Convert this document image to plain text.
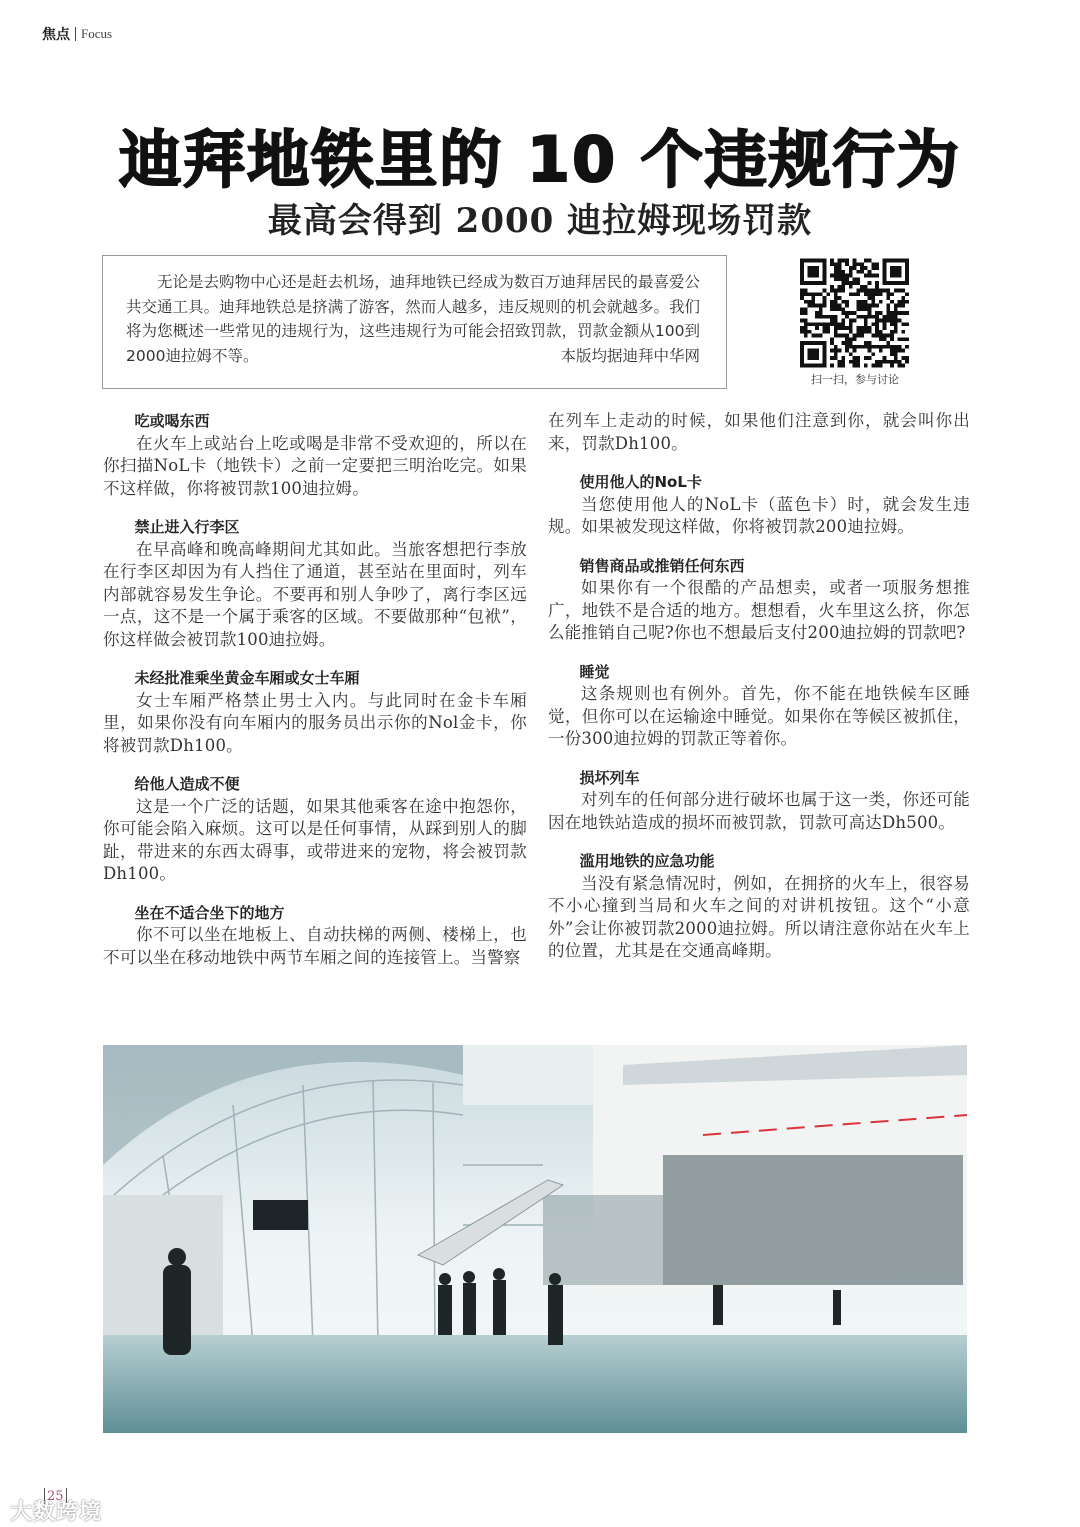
焦点 Focus
迪拜地铁里的 10 个违规行为
最高会得到 2000 迪拉姆现场罚款
无论是去购物中心还是赶去机场，迪拜地铁已经成为数百万迪拜居民的最喜爱公共交通工具。迪拜地铁总是挤满了游客，然而人越多，违反规则的机会就越多。我们将为您概述一些常见的违规行为，这些违规行为可能会招致罚款，罚款金额从100到2000迪拉姆不等。	本版均据迪拜中华网
扫一扫，参与讨论
吃或喝东西
在火车上或站台上吃或喝是非常不受欢迎的，所以在你扫描NoL卡（地铁卡）之前一定要把三明治吃完。如果不这样做，你将被罚款100迪拉姆。
禁止进入行李区
在早高峰和晚高峰期间尤其如此。当旅客想把行李放在行李区却因为有人挡住了通道，甚至站在里面时，列车内部就容易发生争论。不要再和别人争吵了，离行李区远一点，这不是一个属于乘客的区域。不要做那种“包袱”，你这样做会被罚款100迪拉姆。
未经批准乘坐黄金车厢或女士车厢
女士车厢严格禁止男士入内。与此同时在金卡车厢里，如果你没有向车厢内的服务员出示你的Nol金卡，你将被罚款Dh100。
给他人造成不便
这是一个广泛的话题，如果其他乘客在途中抱怨你，你可能会陷入麻烦。这可以是任何事情，从踩到别人的脚趾，带进来的东西太碍事，或带进来的宠物，将会被罚款Dh100。
坐在不适合坐下的地方
你不可以坐在地板上、自动扶梯的两侧、楼梯上，也不可以坐在移动地铁中两节车厢之间的连接管上。当警察
在列车上走动的时候，如果他们注意到你，就会叫你出来，罚款Dh100。
使用他人的NoL卡
当您使用他人的NoL卡（蓝色卡）时，就会发生违规。如果被发现这样做，你将被罚款200迪拉姆。
销售商品或推销任何东西
如果你有一个很酷的产品想卖，或者一项服务想推广，地铁不是合适的地方。想想看，火车里这么挤，你怎么能推销自己呢?你也不想最后支付200迪拉姆的罚款吧?
睡觉
这条规则也有例外。首先，你不能在地铁候车区睡觉，但你可以在运输途中睡觉。如果你在等候区被抓住，一份300迪拉姆的罚款正等着你。
损坏列车
对列车的任何部分进行破坏也属于这一类，你还可能因在地铁站造成的损坏而被罚款，罚款可高达Dh500。
滥用地铁的应急功能
当没有紧急情况时，例如，在拥挤的火车上，很容易不小心撞到当局和火车之间的对讲机按钮。这个“小意外”会让你被罚款2000迪拉姆。所以请注意你站在火车上的位置，尤其是在交通高峰期。
25
大数跨境
